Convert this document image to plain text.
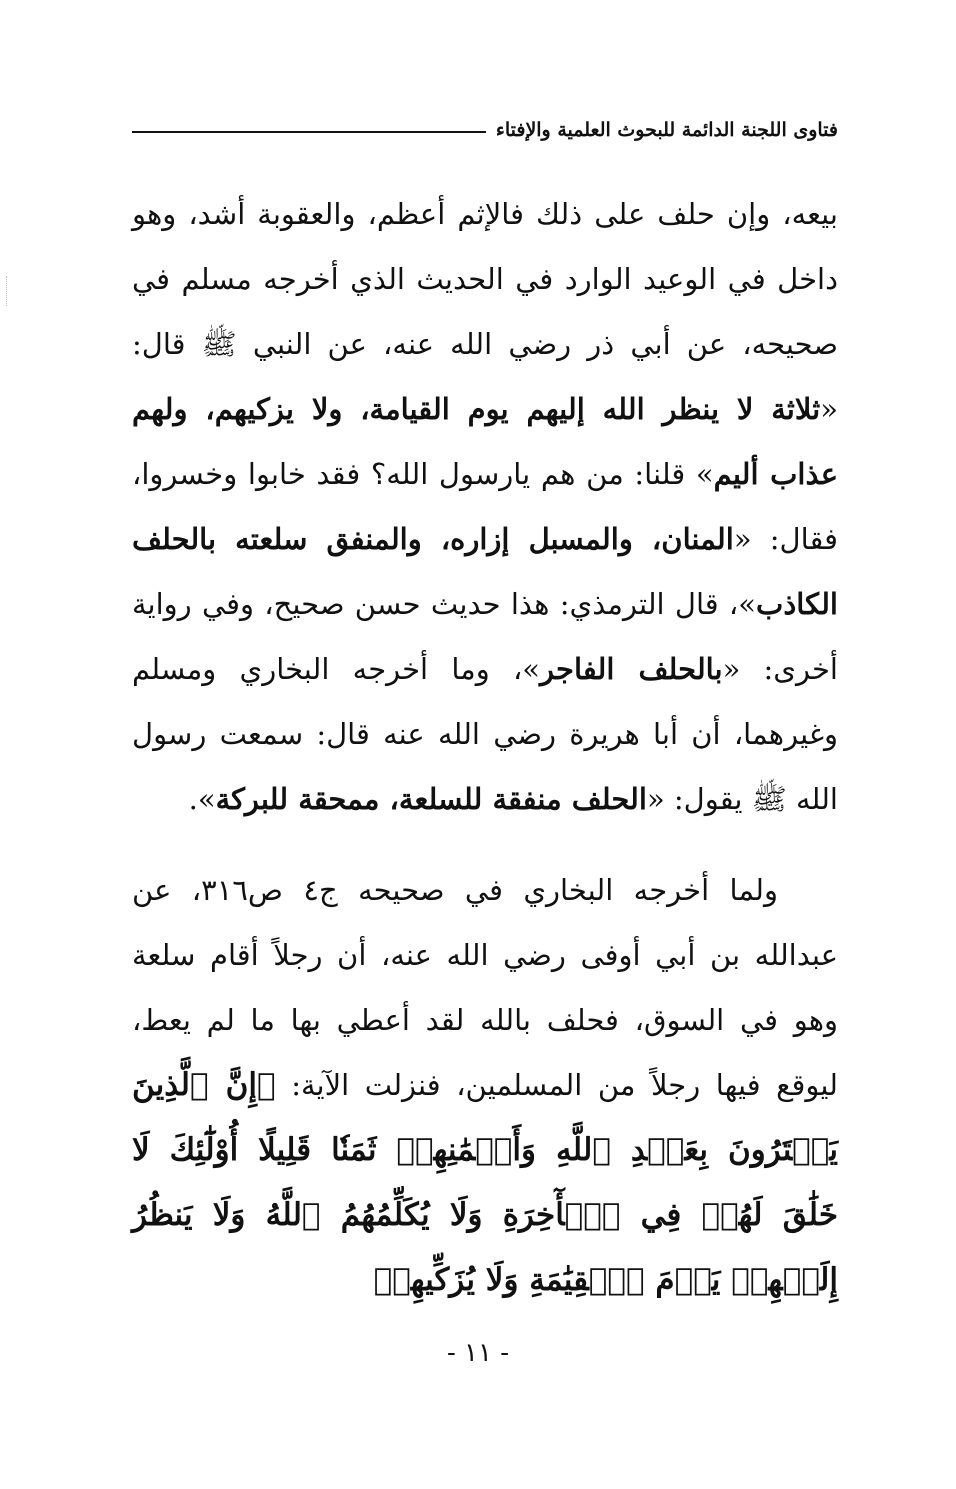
فتاوى اللجنة الدائمة للبحوث العلمية والإفتاء

بيعه، وإن حلف على ذلك فالإثم أعظم، والعقوبة أشد، وهو داخل في الوعيد الوارد في الحديث الذي أخرجه مسلم في صحيحه، عن أبي ذر رضي الله عنه، عن النبي ﷺ قال: «ثلاثة لا ينظر الله إليهم يوم القيامة، ولا يزكيهم، ولهم عذاب أليم» قلنا: من هم يارسول الله؟ فقد خابوا وخسروا، فقال: «المنان، والمسبل إزاره، والمنفق سلعته بالحلف الكاذب»، قال الترمذي: هذا حديث حسن صحيح، وفي رواية أخرى: «بالحلف الفاجر»، وما أخرجه البخاري ومسلم وغيرهما، أن أبا هريرة رضي الله عنه قال: سمعت رسول الله ﷺ يقول: «الحلف منفقة للسلعة، ممحقة للبركة».

ولما أخرجه البخاري في صحيحه ج٤ ص٣١٦، عن عبدالله بن أبي أوفى رضي الله عنه، أن رجلاً أقام سلعة وهو في السوق، فحلف بالله لقد أعطي بها ما لم يعط، ليوقع فيها رجلاً من المسلمين، فنزلت الآية: ﴿إِنَّ ٱلَّذِينَ يَشۡتَرُونَ بِعَهۡدِ ٱللَّهِ وَأَيۡمَٰنِهِمۡ ثَمَنٗا قَلِيلًا أُوْلَٰٓئِكَ لَا خَلَٰقَ لَهُمۡ فِي ٱلۡأٓخِرَةِ وَلَا يُكَلِّمُهُمُ ٱللَّهُ وَلَا يَنظُرُ إِلَيۡهِمۡ يَوۡمَ ٱلۡقِيَٰمَةِ وَلَا يُزَكِّيهِمۡ

- ١١ -
